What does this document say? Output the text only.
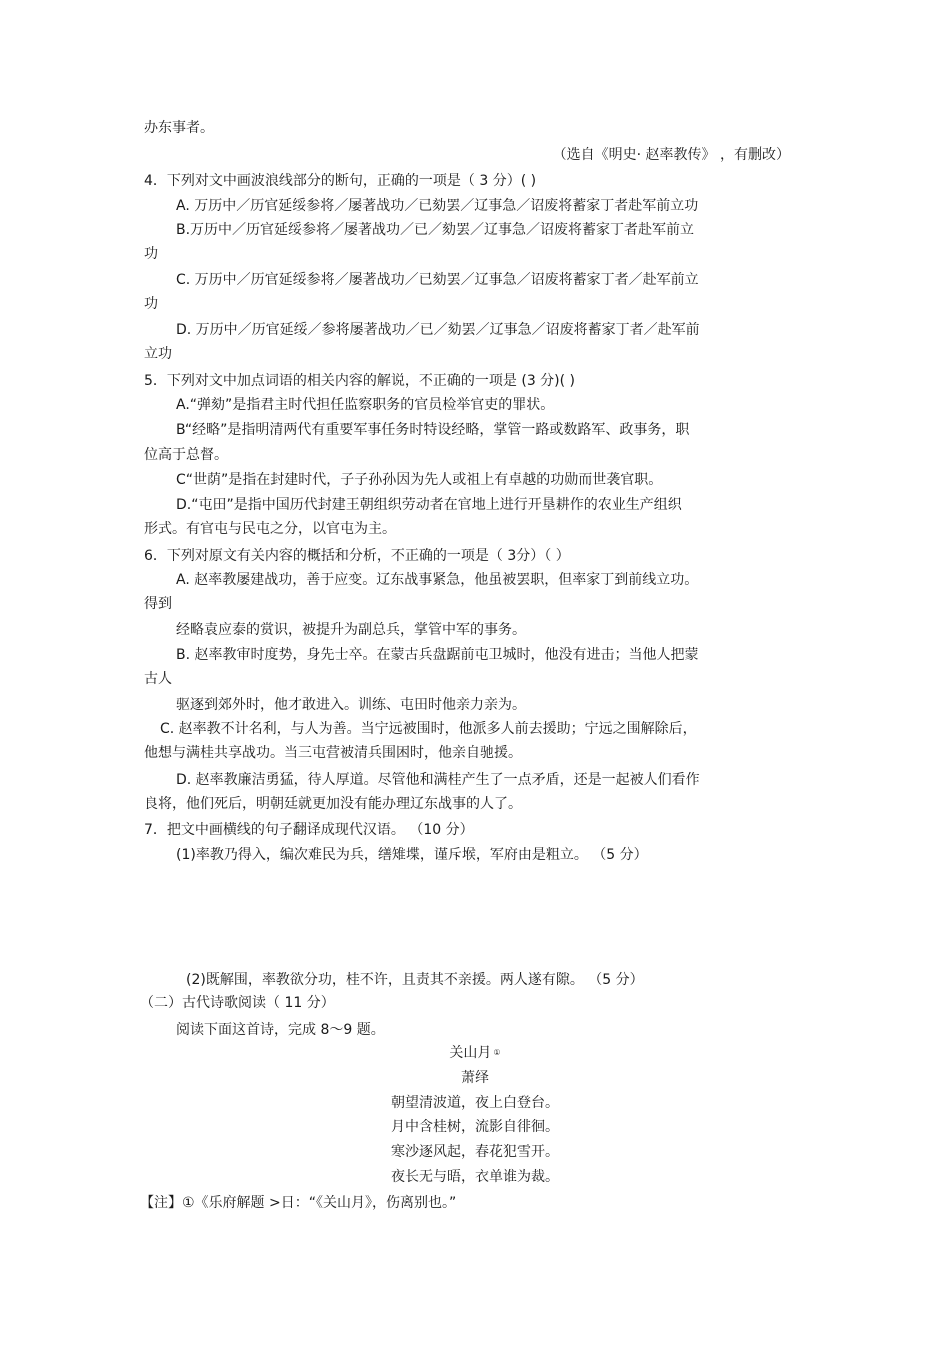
办东事者。
（选自《明史· 赵率教传》 ，有删改）
4．下列对文中画波浪线部分的断句，正确的一项是（ 3 分）( )
A. 万历中／历官延绥参将／屡著战功／已劾罢／辽事急／诏废将蓄家丁者赴军前立功
B.万历中／历官延绥参将／屡著战功／已／劾罢／辽事急／诏废将蓄家丁者赴军前立
功
C. 万历中／历官延绥参将／屡著战功／已劾罢／辽事急／诏废将蓄家丁者／赴军前立
功
D. 万历中／历官延绥／参将屡著战功／已／劾罢／辽事急／诏废将蓄家丁者／赴军前
立功
5．下列对文中加点词语的相关内容的解说，不正确的一项是 (3 分)( )
A.“弹劾”是指君主时代担任监察职务的官员检举官吏的罪状。
B“经略”是指明清两代有重要军事任务时特设经略，掌管一路或数路军、政事务，职
位高于总督。
C“世荫”是指在封建时代，子子孙孙因为先人或祖上有卓越的功勋而世袭官职。
D.“屯田”是指中国历代封建王朝组织劳动者在官地上进行开垦耕作的农业生产组织
形式。有官屯与民屯之分，以官屯为主。
6．下列对原文有关内容的概括和分析，不正确的一项是（ 3分）（ ）
A. 赵率教屡建战功，善于应变。辽东战事紧急，他虽被罢职，但率家丁到前线立功。
得到
经略袁应泰的赏识，被提升为副总兵，掌管中军的事务。
B. 赵率教审时度势，身先士卒。在蒙古兵盘踞前屯卫城时，他没有进击；当他人把蒙
古人
驱逐到郊外时，他才敢进入。训练、屯田时他亲力亲为。
C. 赵率教不计名利，与人为善。当宁远被围时，他派多人前去援助；宁远之围解除后，
他想与满桂共享战功。当三屯营被清兵围困时，他亲自驰援。
D. 赵率教廉洁勇猛，待人厚道。尽管他和满桂产生了一点矛盾，还是一起被人们看作
良将，他们死后，明朝廷就更加没有能办理辽东战事的人了。
7．把文中画横线的句子翻译成现代汉语。 （10 分）
(1)率教乃得入，编次难民为兵，缮雉堞，谨斥堠，军府由是粗立。 （5 分）
(2)既解围，率教欲分功，桂不许，且责其不亲援。两人遂有隙。 （5 分）
（二）古代诗歌阅读（ 11 分）
阅读下面这首诗，完成 8～9 题。
关山月 ①
萧绎
朝望清波道，夜上白登台。
月中含桂树，流影自徘徊。
寒沙逐风起，春花犯雪开。
夜长无与晤，衣单谁为裁。
【注】①《乐府解题 >日：“《关山月》，伤离别也。”
